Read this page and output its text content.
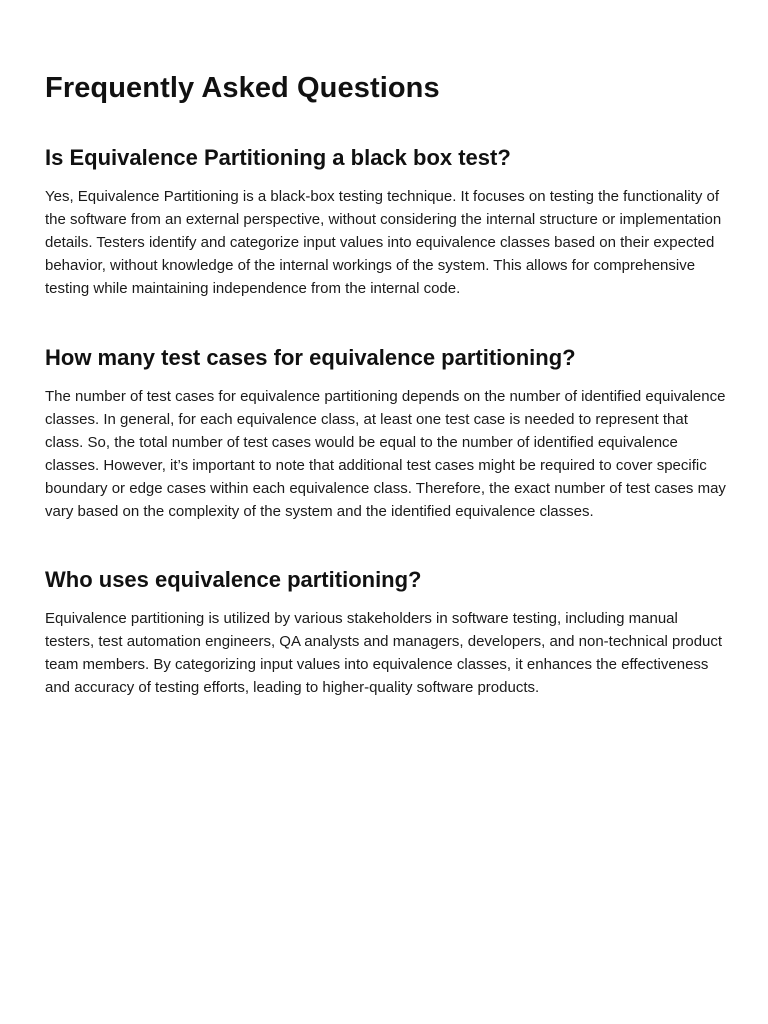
Frequently Asked Questions
Is Equivalence Partitioning a black box test?

Yes, Equivalence Partitioning is a black-box testing technique. It focuses on testing the functionality of the software from an external perspective, without considering the internal structure or implementation details. Testers identify and categorize input values into equivalence classes based on their expected behavior, without knowledge of the internal workings of the system. This allows for comprehensive testing while maintaining independence from the internal code.

How many test cases for equivalence partitioning?

The number of test cases for equivalence partitioning depends on the number of identified equivalence classes. In general, for each equivalence class, at least one test case is needed to represent that class. So, the total number of test cases would be equal to the number of identified equivalence classes. However, it’s important to note that additional test cases might be required to cover specific boundary or edge cases within each equivalence class. Therefore, the exact number of test cases may vary based on the complexity of the system and the identified equivalence classes.

Who uses equivalence partitioning?

Equivalence partitioning is utilized by various stakeholders in software testing, including manual testers, test automation engineers, QA analysts and managers, developers, and non-technical product team members. By categorizing input values into equivalence classes, it enhances the effectiveness and accuracy of testing efforts, leading to higher-quality software products.
